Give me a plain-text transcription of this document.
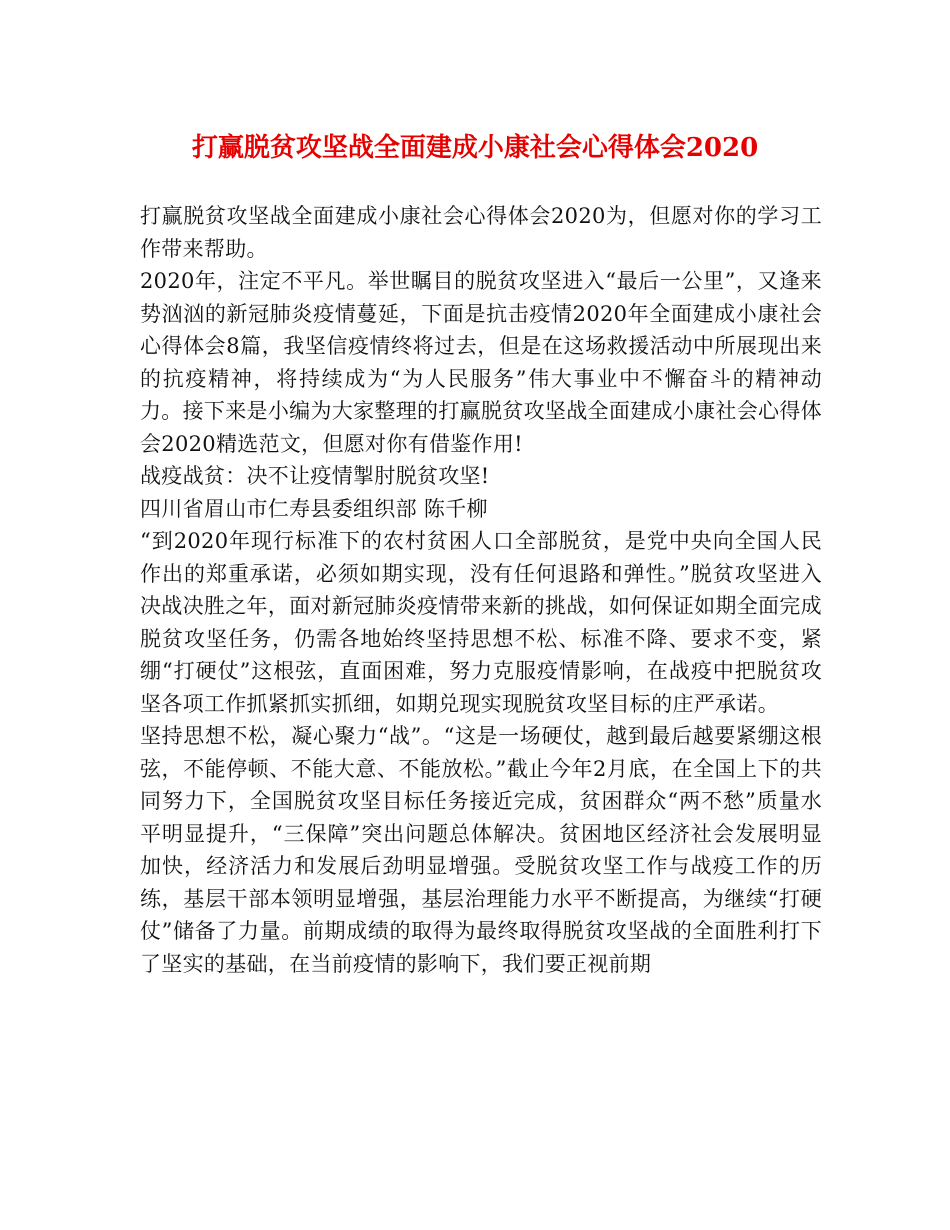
打赢脱贫攻坚战全面建成小康社会心得体会2020

打赢脱贫攻坚战全面建成小康社会心得体会2020为，但愿对你的学习工作带来帮助。

2020年，注定不平凡。举世瞩目的脱贫攻坚进入“最后一公里”，又逢来势汹汹的新冠肺炎疫情蔓延，下面是抗击疫情2020年全面建成小康社会心得体会8篇，我坚信疫情终将过去，但是在这场救援活动中所展现出来的抗疫精神，将持续成为“为人民服务”伟大事业中不懈奋斗的精神动力。接下来是小编为大家整理的打赢脱贫攻坚战全面建成小康社会心得体会2020精选范文，但愿对你有借鉴作用!

战疫战贫：决不让疫情掣肘脱贫攻坚!

四川省眉山市仁寿县委组织部 陈千柳

“到2020年现行标准下的农村贫困人口全部脱贫，是党中央向全国人民作出的郑重承诺，必须如期实现，没有任何退路和弹性。”脱贫攻坚进入决战决胜之年，面对新冠肺炎疫情带来新的挑战，如何保证如期全面完成脱贫攻坚任务，仍需各地始终坚持思想不松、标准不降、要求不变，紧绷“打硬仗”这根弦，直面困难，努力克服疫情影响，在战疫中把脱贫攻坚各项工作抓紧抓实抓细，如期兑现实现脱贫攻坚目标的庄严承诺。

坚持思想不松，凝心聚力“战”。“这是一场硬仗，越到最后越要紧绷这根弦，不能停顿、不能大意、不能放松。”截止今年2月底，在全国上下的共同努力下，全国脱贫攻坚目标任务接近完成，贫困群众“两不愁”质量水平明显提升，“三保障”突出问题总体解决。贫困地区经济社会发展明显加快，经济活力和发展后劲明显增强。受脱贫攻坚工作与战疫工作的历练，基层干部本领明显增强，基层治理能力水平不断提高，为继续“打硬仗”储备了力量。前期成绩的取得为最终取得脱贫攻坚战的全面胜利打下了坚实的基础，在当前疫情的影响下，我们要正视前期
